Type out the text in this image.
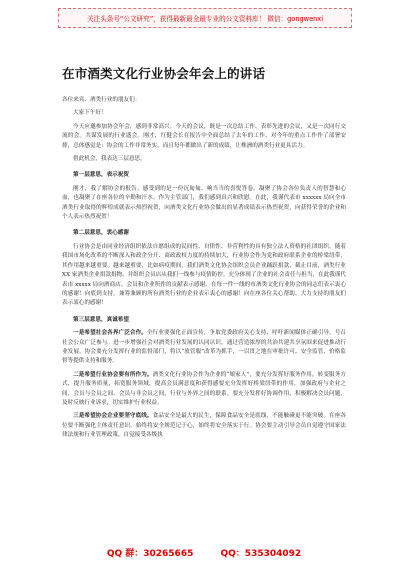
关注头条号“公文研究”，获得最新最全最专业的公文资料库！ 微信：gongwenxi
在市酒类文化行业协会年会上的讲话

各位来宾、酒类行业的朋友们：

大家下午好！

今天应邀参加协会年会，感到非常高兴。今天的会议，既是一次总结工作、表彰先进的会议，又是一次同行交流的会。共谋发展的行业盛会。刚才，红健会长在报告中全面总结了去年的工作。对今年的重点工作作了部署安排，总体感觉是：协会的工作非常务实，而且每年都做出了新的成绩，让株洲的酒类行业更具活力。

借此机会，我表达三层意思。

第一层意思，表示祝贺

刚才，我了解协会的报告，感受到的是一份沉甸甸、响当当的喜悦答卷。凝聚了协会各位负责人的智慧和心血，也凝聚了在座各位的辛勤和汗水。作为主管部门，我们感到真兴和欣慰。在此，我谨代表市 xxxxxx 局向全市酒类行业取得的辉煌成就表示热烈祝贺，向酒类文化行业协会做出的显著成绩表示热烈祝贺，向获得荣誉的企业和个人表示热烈祝贺！

第二层意思，衷心感谢

行业协会是由同业经济组织依法自愿组成的民间性、自律性、非营利性的具有独立法人资格的社团组织。随着我国市场化改革的不断深入和政企分开、商政政权力度的持续加大，行业协会作为党和政府联系企业的桥梁纽带，其作用越来越重要。越来越重要，比如病疫期间，我们酒类文化协会组织会员企业踊跃捐款，截止目前，酒类行业 XX 家酒类企业捐款捐物，并组织会员店从我们一线参与疫情防控。充分体现了企业的社会责任与担当，在此我谨代表市 xxxxx 局向酒商店、会员和企业所作的贡献表示感谢。在每一件一线的市酒类文化行业协会的同志们表示衷心的感谢！向底到支持，兼筹兼顾的所有酒类行业的企业表示衷心的感谢！向在座各位关心帮助、大力支持的朋友们表示衷心的感谢！

第三层意思，真诚希望

一是希望社会各界广泛合作。全行业要强化正面宣传，争取党委政府关心支持、呼吁新闻媒体正确引导，号召社会公众广泛参与。进一步增强社会对酒类行业发展的认同认识，通过营造浓厚的共治共建共享氛围来促进推动行业发展。协会要充分发挥行业的监督部门，将以“放管服”改革为抓手，一以贯之地在审批许可、安全监管、价格监督等提供支持和服务。

二是希望行业协会要有所作为。酒类文化行业协会作为企业的“娘家人”，要充分发挥好服务作用，转变服务方式，提升服务质量，拓宽服务领域，提高会员满意度和获得感要充分发挥好桥梁纽带的作用，加强政府与企业之间、会员与会员之间、会员与非会员之间，行业与外界之间的联系。要充分发挥好协调作用，积极解决会员问题，及时反映行业诉求，切实维护行业权益。

三是希望协会企业要坚守底线。食品安全是最大的民生，保障食品安全是底线，不能触碰更不能突破。在座各位要不断强化主体责任意识，始终将安全规范记于心，始终将安全落实于行。协会要主动引导会员自觉遵守国家法律法规和行业管理政策，自觉接受各级执

QQ 群：30265665	QQ：535304092
